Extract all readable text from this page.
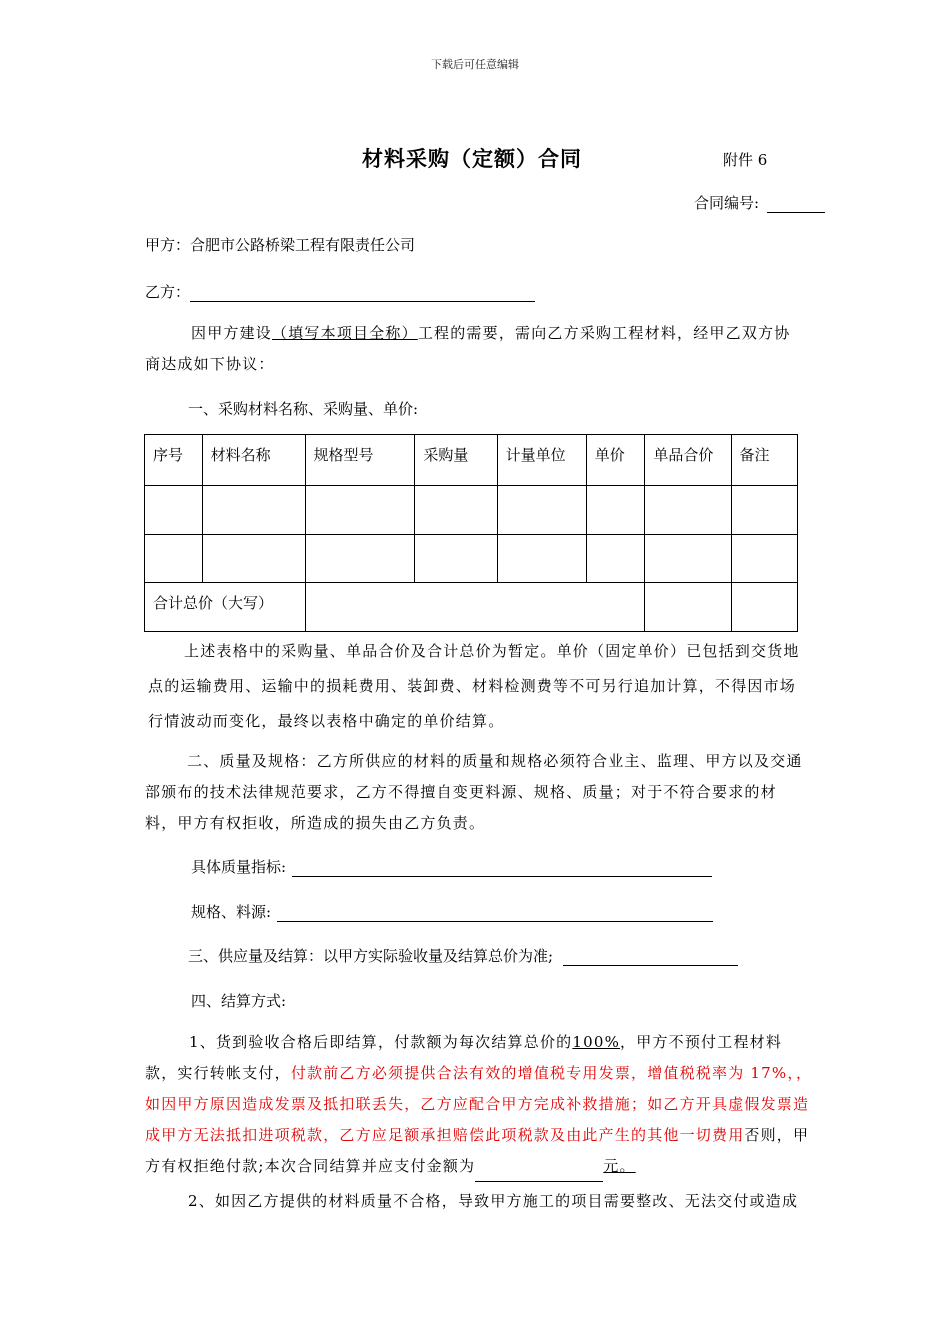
下载后可任意编辑
材料采购（定额）合同	附件 6
合同编号:
甲方：合肥市公路桥梁工程有限责任公司
乙方：
因甲方建设（填写本项目全称）工程的需要，需向乙方采购工程材料，经甲乙双方协商达成如下协议：
一、采购材料名称、采购量、单价:
序号	材料名称	规格型号	采购量	计量单位	单价	单品合价	备注

合计总价（大写）							

上述表格中的采购量、单品合价及合计总价为暂定。单价（固定单价）已包括到交货地点的运输费用、运输中的损耗费用、装卸费、材料检测费等不可另行追加计算，不得因市场行情波动而变化，最终以表格中确定的单价结算。
二、质量及规格：乙方所供应的材料的质量和规格必须符合业主、监理、甲方以及交通部颁布的技术法律规范要求，乙方不得擅自变更料源、规格、质量；对于不符合要求的材料，甲方有权拒收，所造成的损失由乙方负责。
具体质量指标:
规格、料源:
三、供应量及结算：以甲方实际验收量及结算总价为准;
四、结算方式:
1、货到验收合格后即结算，付款额为每次结算总价的100%，甲方不预付工程材料款，实行转帐支付，付款前乙方必须提供合法有效的增值税专用发票，增值税税率为 17%，，如因甲方原因造成发票及抵扣联丢失，乙方应配合甲方完成补救措施；如乙方开具虚假发票造成甲方无法抵扣进项税款，乙方应足额承担赔偿此项税款及由此产生的其他一切费用否则，甲方有权拒绝付款;本次合同结算并应支付金额为	元。
2、如因乙方提供的材料质量不合格，导致甲方施工的项目需要整改、无法交付或造成
